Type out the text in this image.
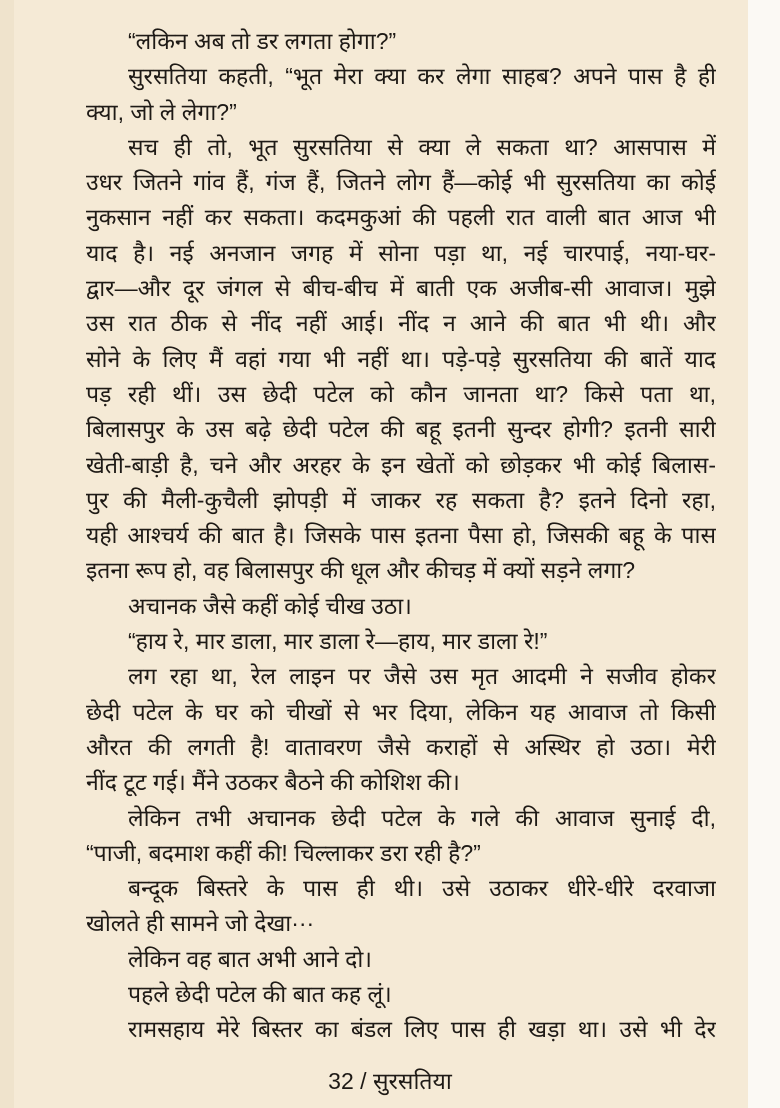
“लकिन अब तो डर लगता होगा?”
सुरसतिया कहती, “भूत मेरा क्या कर लेगा साहब? अपने पास है ही
क्या, जो ले लेगा?”
सच ही तो, भूत सुरसतिया से क्या ले सकता था? आसपास में
उधर जितने गांव हैं, गंज हैं, जितने लोग हैं—कोई भी सुरसतिया का कोई
नुकसान नहीं कर सकता। कदमकुआं की पहली रात वाली बात आज भी
याद है। नई अनजान जगह में सोना पड़ा था, नई चारपाई, नया-घर-
द्वार—और दूर जंगल से बीच-बीच में बाती एक अजीब-सी आवाज। मुझे
उस रात ठीक से नींद नहीं आई। नींद न आने की बात भी थी। और
सोने के लिए मैं वहां गया भी नहीं था। पड़े-पड़े सुरसतिया की बातें याद
पड़ रही थीं। उस छेदी पटेल को कौन जानता था? किसे पता था,
बिलासपुर के उस बढ़े छेदी पटेल की बहू इतनी सुन्दर होगी? इतनी सारी
खेती-बाड़ी है, चने और अरहर के इन खेतों को छोड़कर भी कोई बिलास-
पुर की मैली-कुचैली झोपड़ी में जाकर रह सकता है? इतने दिनो रहा,
यही आश्चर्य की बात है। जिसके पास इतना पैसा हो, जिसकी बहू के पास
इतना रूप हो, वह बिलासपुर की धूल और कीचड़ में क्यों सड़ने लगा?
अचानक जैसे कहीं कोई चीख उठा।
“हाय रे, मार डाला, मार डाला रे—हाय, मार डाला रे!”
लग रहा था, रेल लाइन पर जैसे उस मृत आदमी ने सजीव होकर
छेदी पटेल के घर को चीखों से भर दिया, लेकिन यह आवाज तो किसी
औरत की लगती है! वातावरण जैसे कराहों से अस्थिर हो उठा। मेरी
नींद टूट गई। मैंने उठकर बैठने की कोशिश की।
लेकिन तभी अचानक छेदी पटेल के गले की आवाज सुनाई दी,
“पाजी, बदमाश कहीं की! चिल्लाकर डरा रही है?”
बन्दूक बिस्तरे के पास ही थी। उसे उठाकर धीरे-धीरे दरवाजा
खोलते ही सामने जो देखा···
लेकिन वह बात अभी आने दो।
पहले छेदी पटेल की बात कह लूं।
रामसहाय मेरे बिस्तर का बंडल लिए पास ही खड़ा था। उसे भी देर
32 / सुरसतिया
